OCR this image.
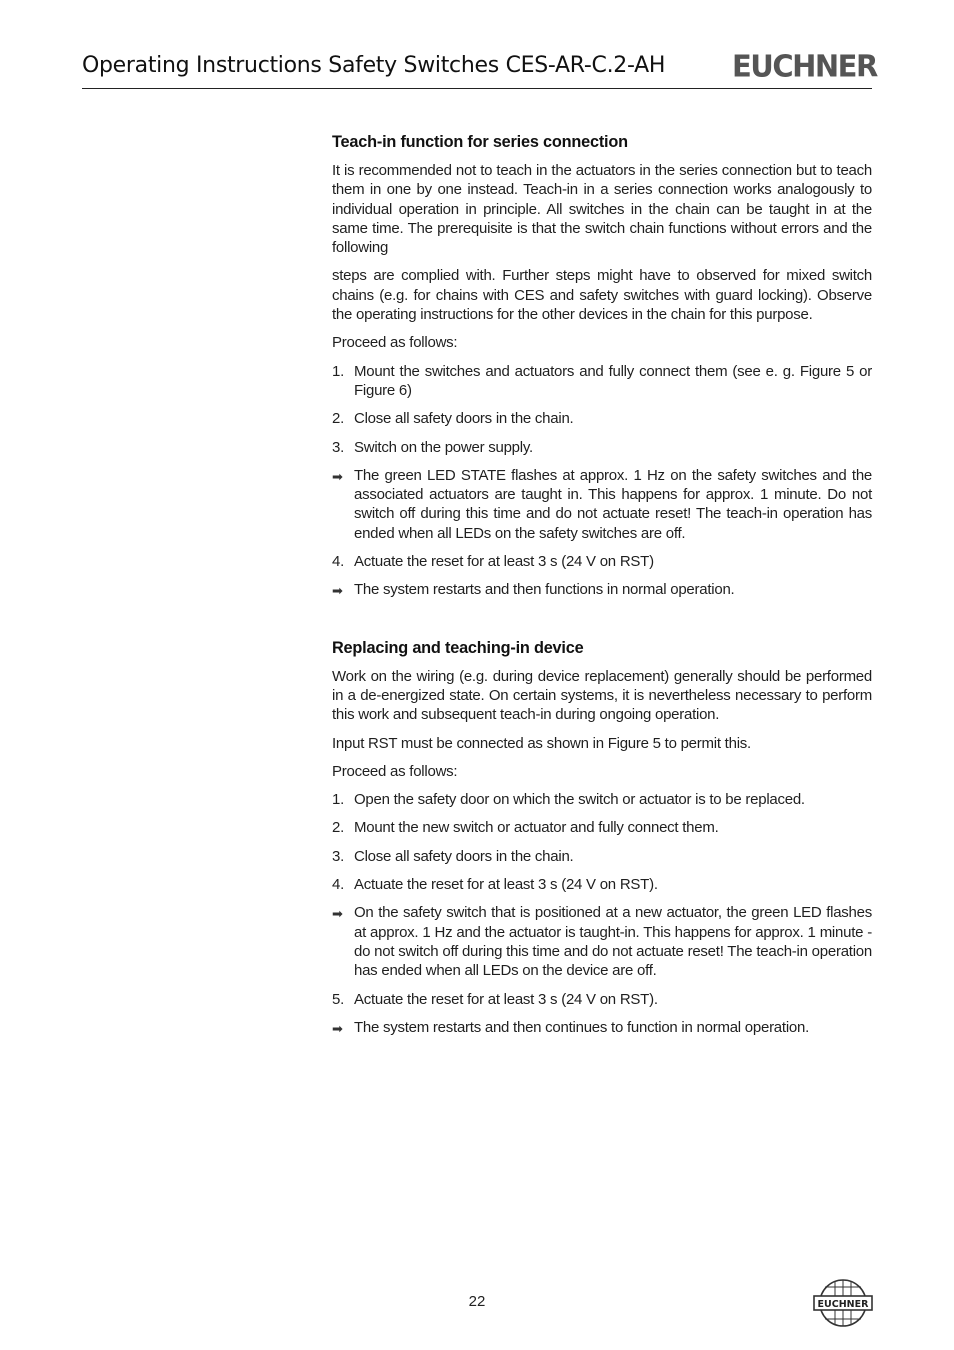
Operating Instructions Safety Switches CES-AR-C.2-AH EUCHNER
Teach-in function for series connection

It is recommended not to teach in the actuators in the series connection but to teach them in one by one instead. Teach-in in a series connection works analogously to individual operation in principle. All switches in the chain can be taught in at the same time. The prerequisite is that the switch chain functions without errors and the following

steps are complied with. Further steps might have to observed for mixed switch chains (e.g. for chains with CES and safety switches with guard locking). Observe the operating instructions for the other devices in the chain for this purpose.

Proceed as follows:

1. Mount the switches and actuators and fully connect them (see e. g. Figure 5 or Figure 6)
2. Close all safety doors in the chain.
3. Switch on the power supply.
➡ The green LED STATE flashes at approx. 1 Hz on the safety switches and the associated actuators are taught in. This happens for approx. 1 minute. Do not switch off during this time and do not actuate reset! The teach-in operation has ended when all LEDs on the safety switches are off.
4. Actuate the reset for at least 3 s (24 V on RST)
➡ The system restarts and then functions in normal operation.
Replacing and teaching-in device

Work on the wiring (e.g. during device replacement) generally should be performed in a de-energized state. On certain systems, it is nevertheless necessary to perform this work and subsequent teach-in during ongoing operation.

Input RST must be connected as shown in Figure 5 to permit this.

Proceed as follows:

1. Open the safety door on which the switch or actuator is to be replaced.
2. Mount the new switch or actuator and fully connect them.
3. Close all safety doors in the chain.
4. Actuate the reset for at least 3 s (24 V on RST).
➡ On the safety switch that is positioned at a new actuator, the green LED flashes at approx. 1 Hz and the actuator is taught-in. This happens for approx. 1 minute - do not switch off during this time and do not actuate reset! The teach-in operation has ended when all LEDs on the device are off.
5. Actuate the reset for at least 3 s (24 V on RST).
➡ The system restarts and then continues to function in normal operation.
22	EUCHNER
